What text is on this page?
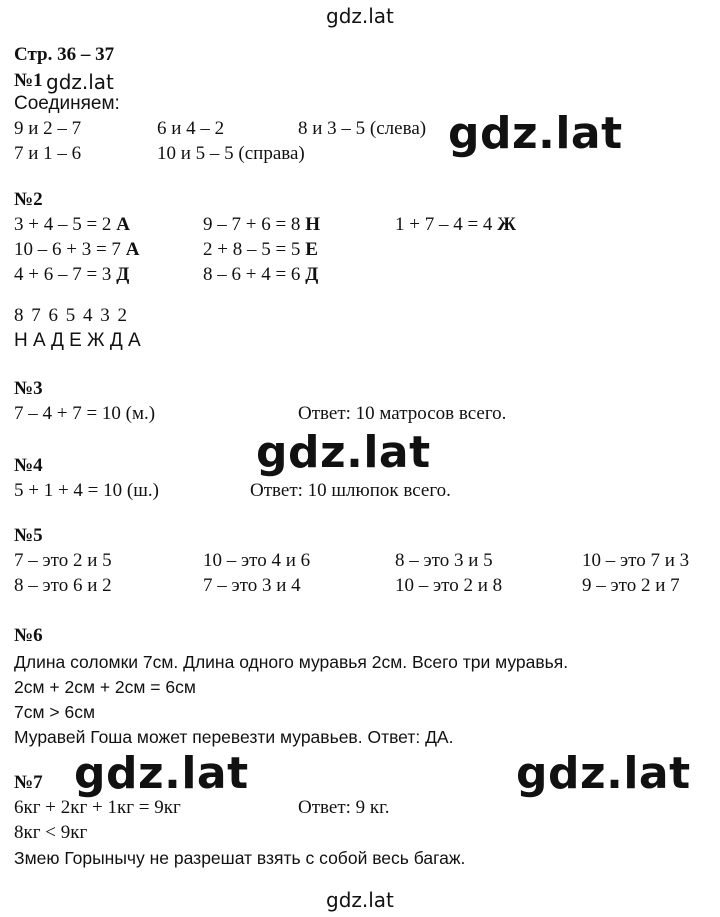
gdz.lat
Стр. 36 – 37
№1 gdz.lat
Соединяем:
9 и 2 – 7	6 и 4 – 2	8 и 3 – 5 (слева)
7 и 1 – 6	10 и 5 – 5 (справа)	gdz.lat
№2
3 + 4 – 5 = 2 А	9 – 7 + 6 = 8 Н	1 + 7 – 4 = 4 Ж
10 – 6 + 3 = 7 А	2 + 8 – 5 = 5 Е
4 + 6 – 7 = 3 Д	8 – 6 + 4 = 6 Д
8 7 6 5 4 3 2
Н А Д Е Ж Д А
№3
7 – 4 + 7 = 10 (м.)	Ответ: 10 матросов всего.
gdz.lat
№4
5 + 1 + 4 = 10 (ш.)	Ответ: 10 шлюпок всего.
№5
7 – это 2 и 5	10 – это 4 и 6	8 – это 3 и 5	10 – это 7 и 3
8 – это 6 и 2	7 – это 3 и 4	10 – это 2 и 8	9 – это 2 и 7
№6
Длина соломки 7см. Длина одного муравья 2см. Всего три муравья.
2см + 2см + 2см = 6см
7см > 6см
Муравей Гоша может перевезти муравьев. Ответ: ДА.
№7 gdz.lat	gdz.lat
6кг + 2кг + 1кг = 9кг	Ответ: 9 кг.
8кг < 9кг
Змею Горынычу не разрешат взять с собой весь багаж.
gdz.lat
